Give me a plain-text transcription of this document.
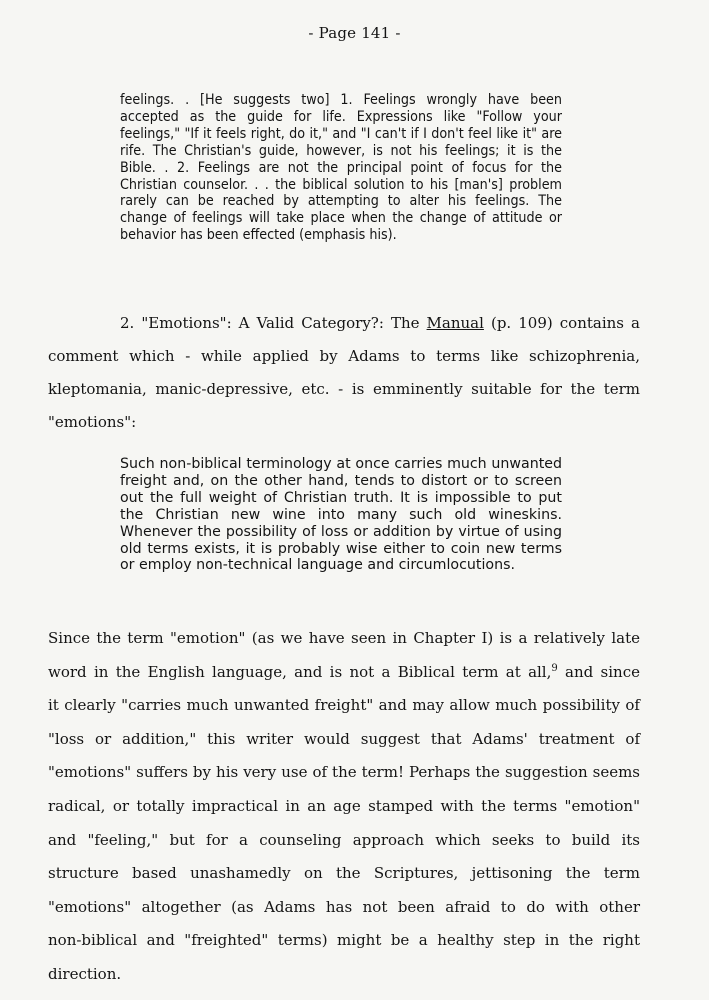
- Page 141 -
feelings. . [He suggests two] 1. Feelings wrongly have been accepted as the guide for life. Expressions like "Follow your feelings," "If it feels right, do it," and "I can't if I don't feel like it" are rife. The Christian's guide, however, is not his feelings; it is the Bible. . 2. Feelings are not the principal point of focus for the Christian counselor. . . the biblical solution to his [man's] problem rarely can be reached by attempting to alter his feelings. The change of feelings will take place when the change of attitude or behavior has been effected (emphasis his).
2. "Emotions": A Valid Category?: The Manual (p. 109) contains a
comment which - while applied by Adams to terms like schizophrenia,
kleptomania, manic-depressive, etc. - is emminently suitable for the term
"emotions":
Such non-biblical terminology at once carries much unwanted freight and, on the other hand, tends to distort or to screen out the full weight of Christian truth. It is impossible to put the Christian new wine into many such old wineskins. Whenever the possibility of loss or addition by virtue of using old terms exists, it is probably wise either to coin new terms or employ non-technical language and circumlocutions.
Since the term "emotion" (as we have seen in Chapter I) is a relatively late
word in the English language, and is not a Biblical term at all,$^9$ and since
it clearly "carries much unwanted freight" and may allow much possibility of
"loss or addition," this writer would suggest that Adams' treatment of
"emotions" suffers by his very use of the term! Perhaps the suggestion seems
radical, or totally impractical in an age stamped with the terms "emotion"
and "feeling," but for a counseling approach which seeks to build its
structure based unashamedly on the Scriptures, jettisoning the term
"emotions" altogether (as Adams has not been afraid to do with other
non-biblical and "freighted" terms) might be a healthy step in the right
direction.
